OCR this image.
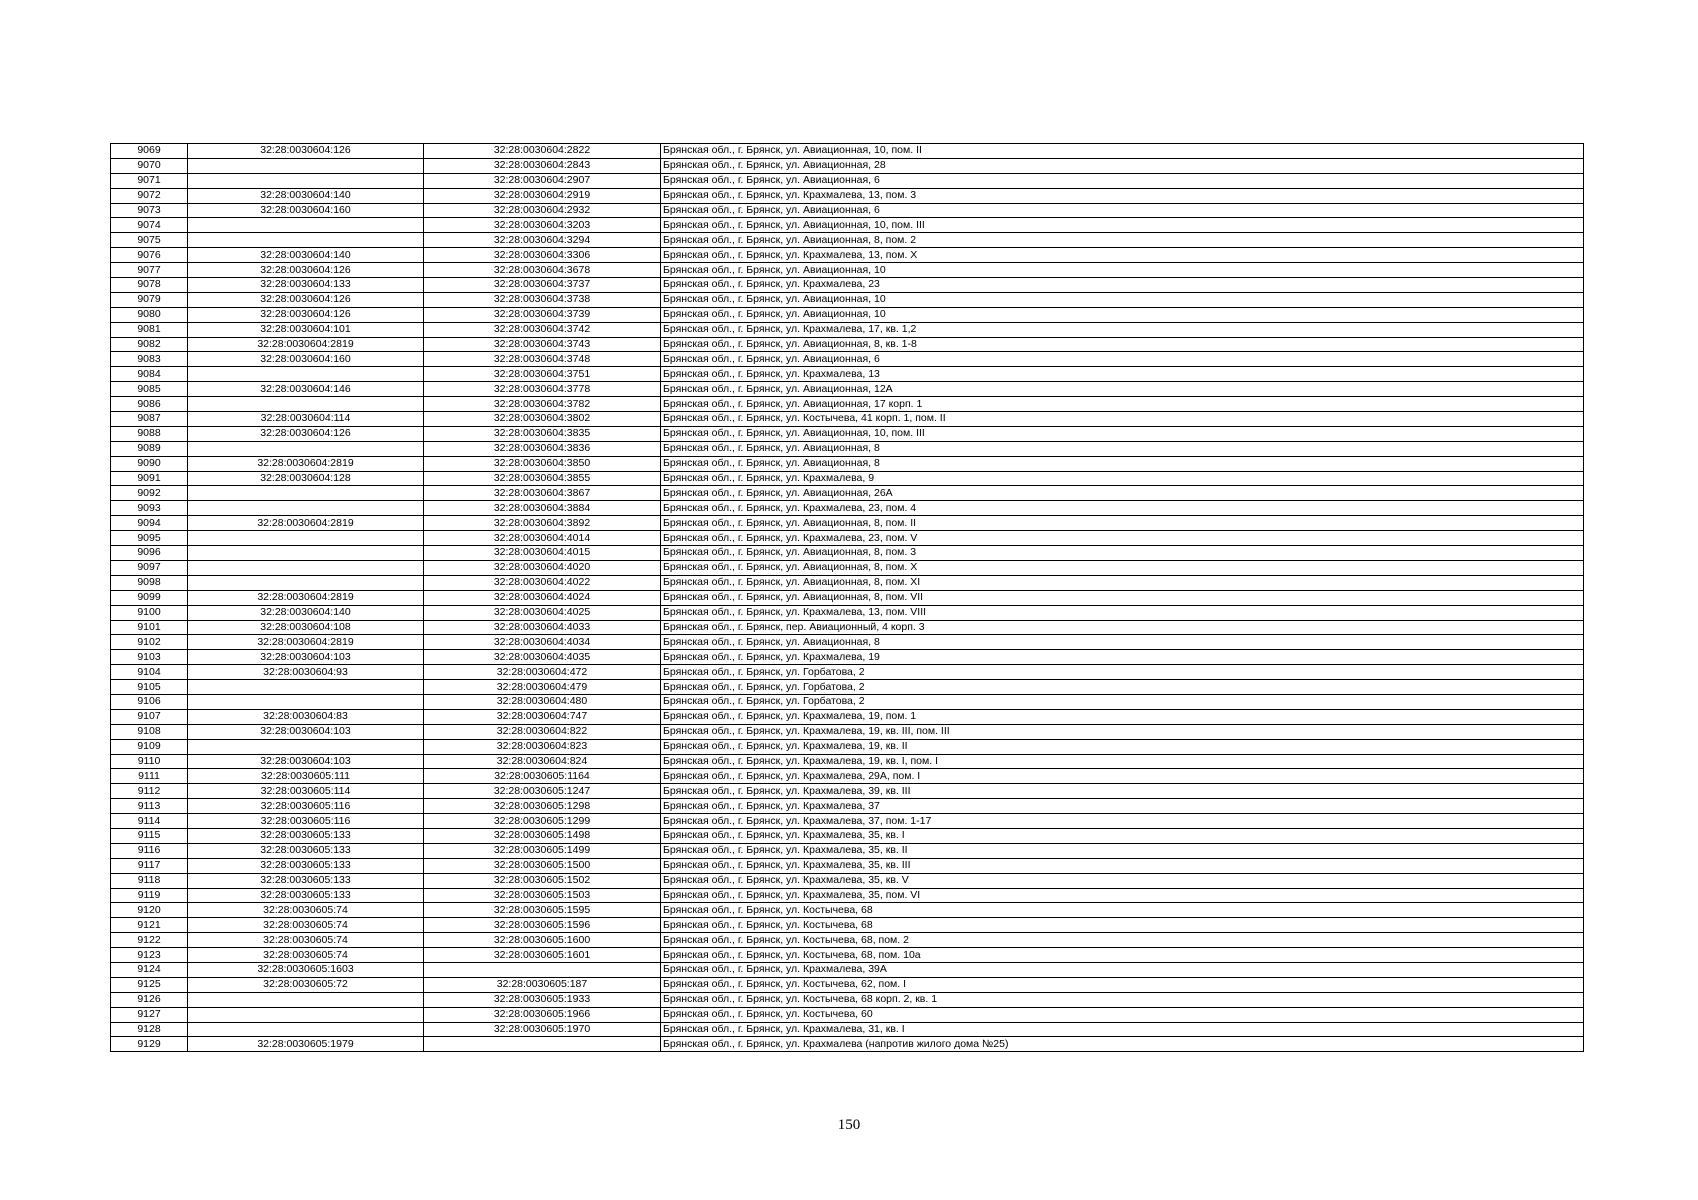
9069	32:28:0030604:126	32:28:0030604:2822	Брянская обл., г. Брянск, ул. Авиационная, 10, пом. II
9070		32:28:0030604:2843	Брянская обл., г. Брянск, ул. Авиационная, 28
9071		32:28:0030604:2907	Брянская обл., г. Брянск, ул. Авиационная, 6
9072	32:28:0030604:140	32:28:0030604:2919	Брянская обл., г. Брянск, ул. Крахмалева, 13, пом. 3
9073	32:28:0030604:160	32:28:0030604:2932	Брянская обл., г. Брянск, ул. Авиационная, 6
9074		32:28:0030604:3203	Брянская обл., г. Брянск, ул. Авиационная, 10, пом. III
9075		32:28:0030604:3294	Брянская обл., г. Брянск, ул. Авиационная, 8, пом. 2
9076	32:28:0030604:140	32:28:0030604:3306	Брянская обл., г. Брянск, ул. Крахмалева, 13, пом. X
9077	32:28:0030604:126	32:28:0030604:3678	Брянская обл., г. Брянск, ул. Авиационная, 10
9078	32:28:0030604:133	32:28:0030604:3737	Брянская обл., г. Брянск, ул. Крахмалева, 23
9079	32:28:0030604:126	32:28:0030604:3738	Брянская обл., г. Брянск, ул. Авиационная, 10
9080	32:28:0030604:126	32:28:0030604:3739	Брянская обл., г. Брянск, ул. Авиационная, 10
9081	32:28:0030604:101	32:28:0030604:3742	Брянская обл., г. Брянск, ул. Крахмалева, 17, кв. 1,2
9082	32:28:0030604:2819	32:28:0030604:3743	Брянская обл., г. Брянск, ул. Авиационная, 8, кв. 1-8
9083	32:28:0030604:160	32:28:0030604:3748	Брянская обл., г. Брянск, ул. Авиационная, 6
9084		32:28:0030604:3751	Брянская обл., г. Брянск, ул. Крахмалева, 13
9085	32:28:0030604:146	32:28:0030604:3778	Брянская обл., г. Брянск, ул. Авиационная, 12А
9086		32:28:0030604:3782	Брянская обл., г. Брянск, ул. Авиационная, 17 корп. 1
9087	32:28:0030604:114	32:28:0030604:3802	Брянская обл., г. Брянск, ул. Костычева, 41 корп. 1, пом. II
9088	32:28:0030604:126	32:28:0030604:3835	Брянская обл., г. Брянск, ул. Авиационная, 10, пом. III
9089		32:28:0030604:3836	Брянская обл., г. Брянск, ул. Авиационная, 8
9090	32:28:0030604:2819	32:28:0030604:3850	Брянская обл., г. Брянск, ул. Авиационная, 8
9091	32:28:0030604:128	32:28:0030604:3855	Брянская обл., г. Брянск, ул. Крахмалева, 9
9092		32:28:0030604:3867	Брянская обл., г. Брянск, ул. Авиационная, 26А
9093		32:28:0030604:3884	Брянская обл., г. Брянск, ул. Крахмалева, 23, пом. 4
9094	32:28:0030604:2819	32:28:0030604:3892	Брянская обл., г. Брянск, ул. Авиационная, 8, пом. II
9095		32:28:0030604:4014	Брянская обл., г. Брянск, ул. Крахмалева, 23, пом. V
9096		32:28:0030604:4015	Брянская обл., г. Брянск, ул. Авиационная, 8, пом. 3
9097		32:28:0030604:4020	Брянская обл., г. Брянск, ул. Авиационная, 8, пом. X
9098		32:28:0030604:4022	Брянская обл., г. Брянск, ул. Авиационная, 8, пом. XI
9099	32:28:0030604:2819	32:28:0030604:4024	Брянская обл., г. Брянск, ул. Авиационная, 8, пом. VII
9100	32:28:0030604:140	32:28:0030604:4025	Брянская обл., г. Брянск, ул. Крахмалева, 13, пом. VIII
9101	32:28:0030604:108	32:28:0030604:4033	Брянская обл., г. Брянск, пер. Авиационный, 4 корп. 3
9102	32:28:0030604:2819	32:28:0030604:4034	Брянская обл., г. Брянск, ул. Авиационная, 8
9103	32:28:0030604:103	32:28:0030604:4035	Брянская обл., г. Брянск, ул. Крахмалева, 19
9104	32:28:0030604:93	32:28:0030604:472	Брянская обл., г. Брянск, ул. Горбатова, 2
9105		32:28:0030604:479	Брянская обл., г. Брянск, ул. Горбатова, 2
9106		32:28:0030604:480	Брянская обл., г. Брянск, ул. Горбатова, 2
9107	32:28:0030604:83	32:28:0030604:747	Брянская обл., г. Брянск, ул. Крахмалева, 19, пом. 1
9108	32:28:0030604:103	32:28:0030604:822	Брянская обл., г. Брянск, ул. Крахмалева, 19, кв. III, пом. III
9109		32:28:0030604:823	Брянская обл., г. Брянск, ул. Крахмалева, 19, кв. II
9110	32:28:0030604:103	32:28:0030604:824	Брянская обл., г. Брянск, ул. Крахмалева, 19, кв. I, пом. I
9111	32:28:0030605:111	32:28:0030605:1164	Брянская обл., г. Брянск, ул. Крахмалева, 29А, пом. I
9112	32:28:0030605:114	32:28:0030605:1247	Брянская обл., г. Брянск, ул. Крахмалева, 39, кв. III
9113	32:28:0030605:116	32:28:0030605:1298	Брянская обл., г. Брянск, ул. Крахмалева, 37
9114	32:28:0030605:116	32:28:0030605:1299	Брянская обл., г. Брянск, ул. Крахмалева, 37, пом. 1-17
9115	32:28:0030605:133	32:28:0030605:1498	Брянская обл., г. Брянск, ул. Крахмалева, 35, кв. I
9116	32:28:0030605:133	32:28:0030605:1499	Брянская обл., г. Брянск, ул. Крахмалева, 35, кв. II
9117	32:28:0030605:133	32:28:0030605:1500	Брянская обл., г. Брянск, ул. Крахмалева, 35, кв. III
9118	32:28:0030605:133	32:28:0030605:1502	Брянская обл., г. Брянск, ул. Крахмалева, 35, кв. V
9119	32:28:0030605:133	32:28:0030605:1503	Брянская обл., г. Брянск, ул. Крахмалева, 35, пом. VI
9120	32:28:0030605:74	32:28:0030605:1595	Брянская обл., г. Брянск, ул. Костычева, 68
9121	32:28:0030605:74	32:28:0030605:1596	Брянская обл., г. Брянск, ул. Костычева, 68
9122	32:28:0030605:74	32:28:0030605:1600	Брянская обл., г. Брянск, ул. Костычева, 68, пом. 2
9123	32:28:0030605:74	32:28:0030605:1601	Брянская обл., г. Брянск, ул. Костычева, 68, пом. 10а
9124	32:28:0030605:1603		Брянская обл., г. Брянск, ул. Крахмалева, 39А
9125	32:28:0030605:72	32:28:0030605:187	Брянская обл., г. Брянск, ул. Костычева, 62, пом. I
9126		32:28:0030605:1933	Брянская обл., г. Брянск, ул. Костычева, 68 корп. 2, кв. 1
9127		32:28:0030605:1966	Брянская обл., г. Брянск, ул. Костычева, 60
9128		32:28:0030605:1970	Брянская обл., г. Брянск, ул. Крахмалева, 31, кв. I
9129	32:28:0030605:1979		Брянская обл., г. Брянск, ул. Крахмалева (напротив жилого дома №25)
150
